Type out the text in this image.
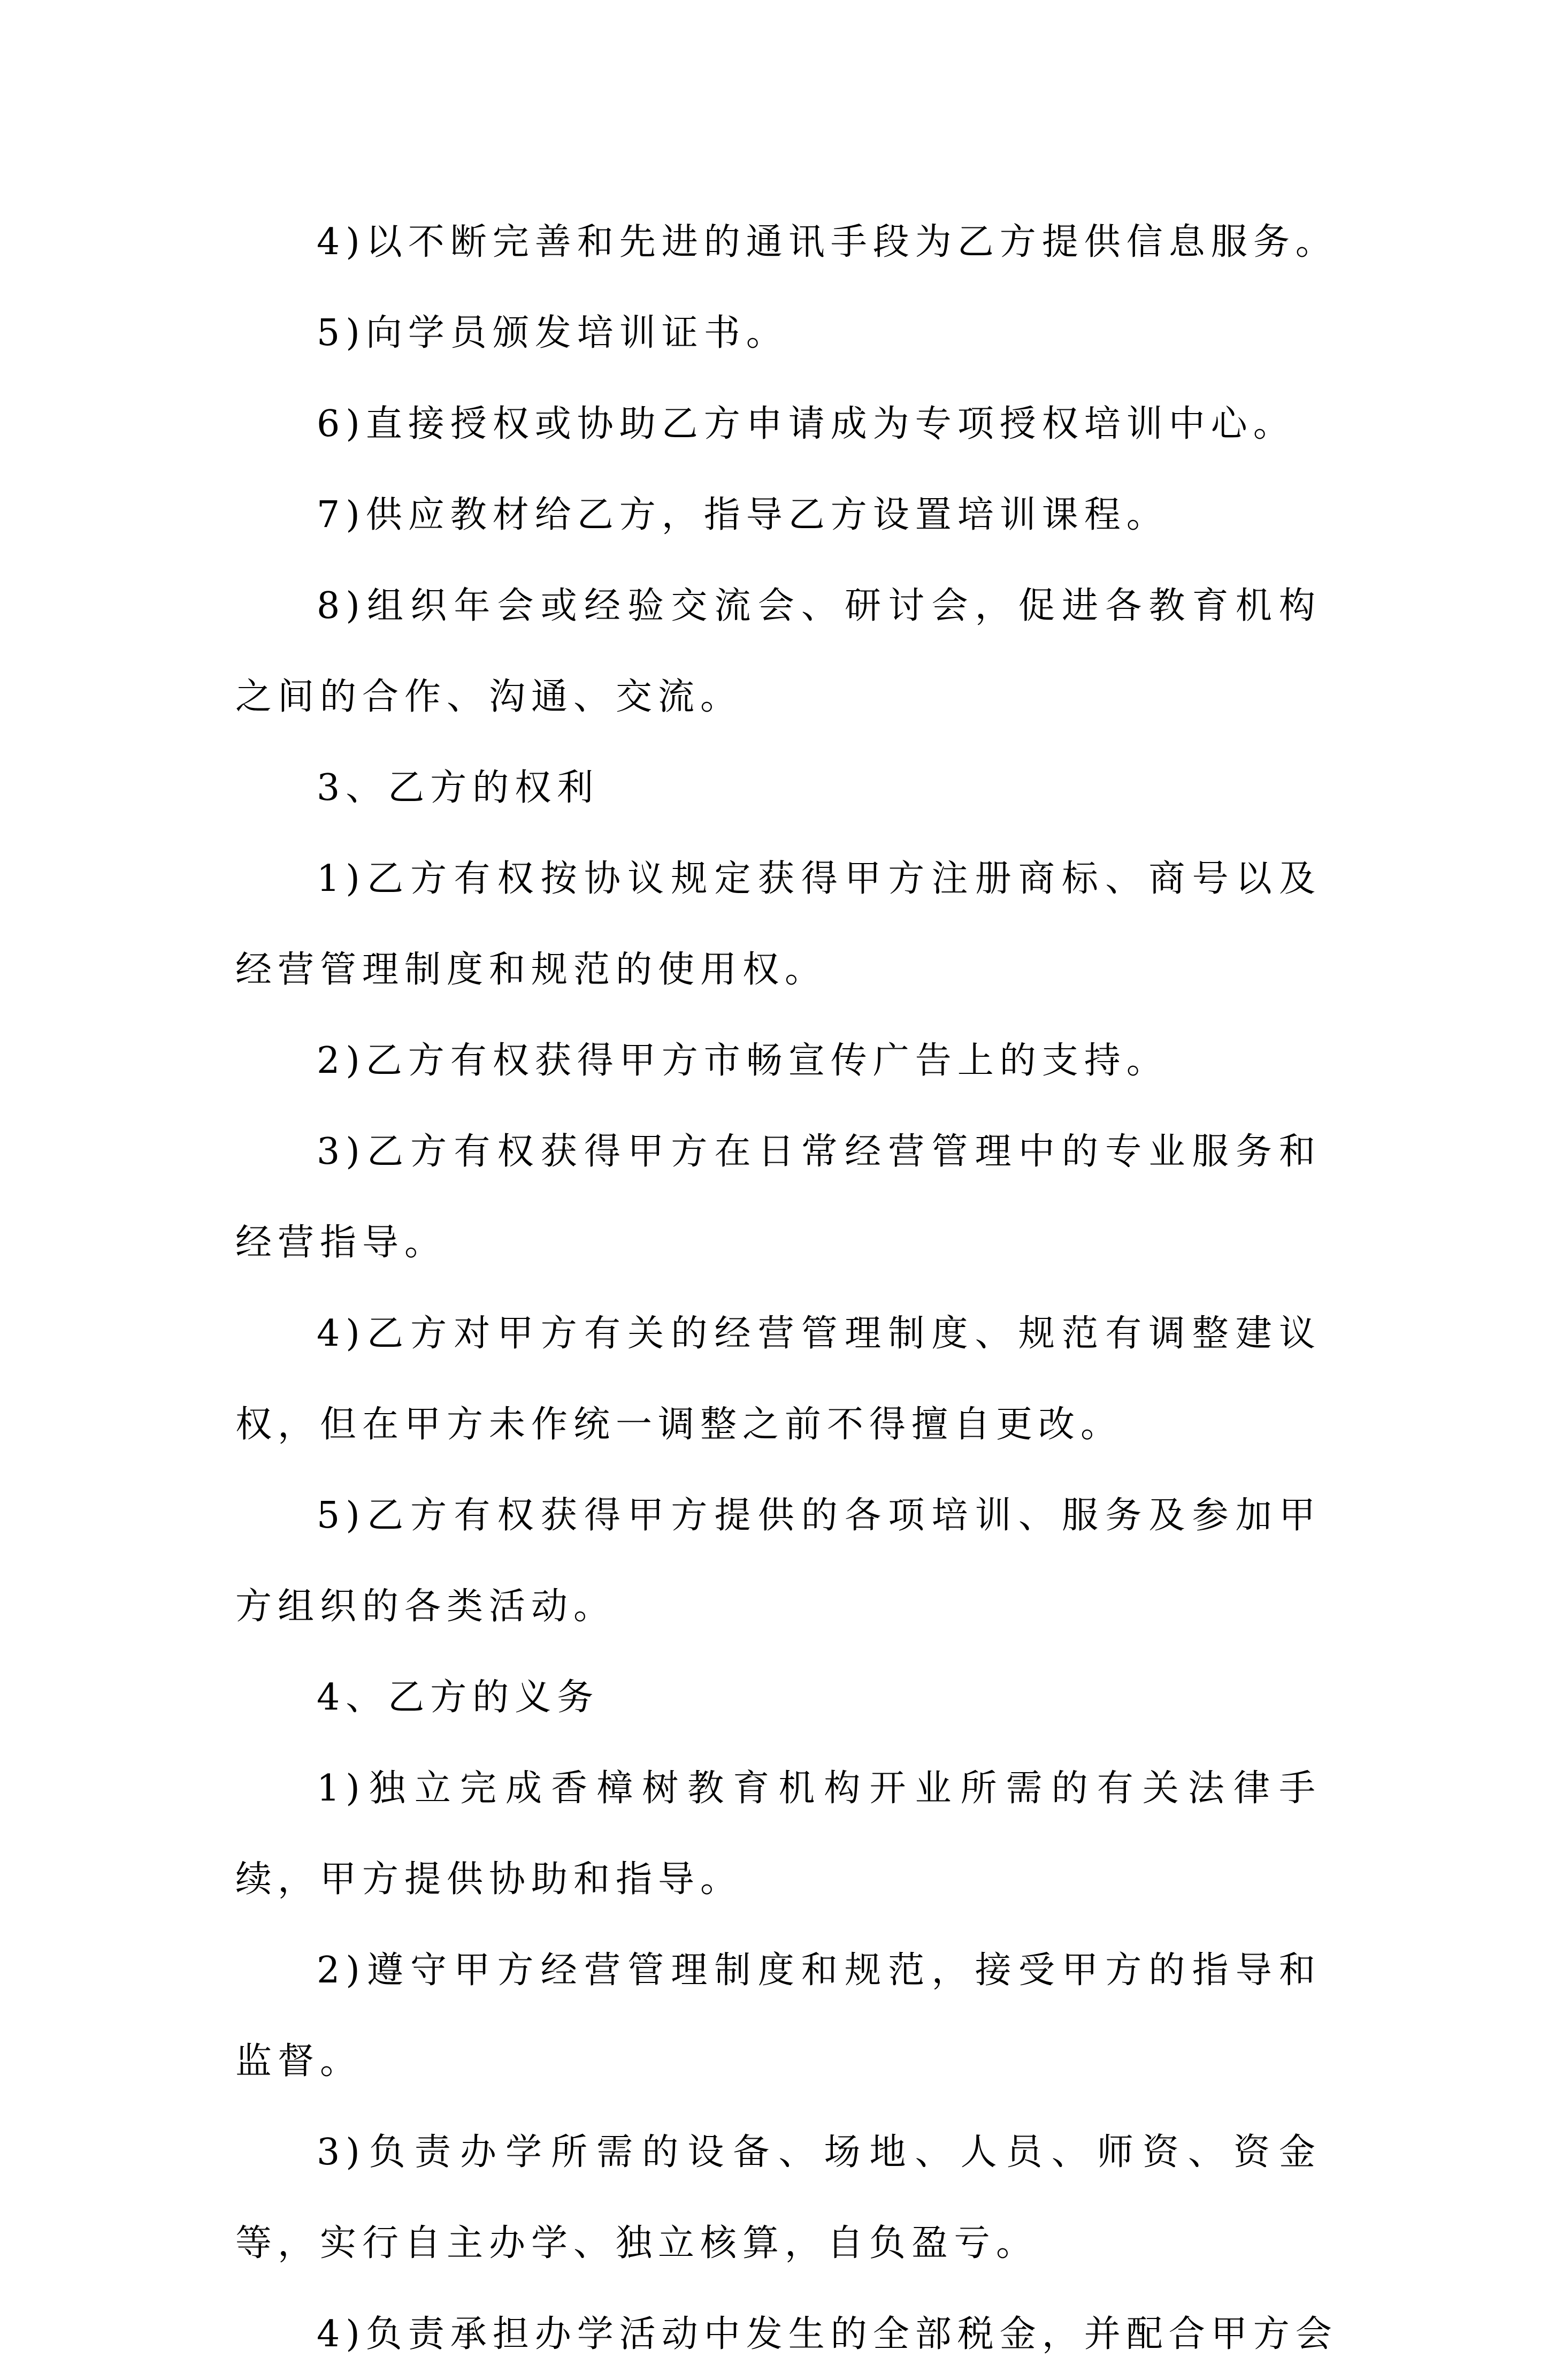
4)以不断完善和先进的通讯手段为乙方提供信息服务。

5)向学员颁发培训证书。

6)直接授权或协助乙方申请成为专项授权培训中心。

7)供应教材给乙方，指导乙方设置培训课程。

8)组织年会或经验交流会、研讨会，促进各教育机构之间的合作、沟通、交流。

3、乙方的权利

1)乙方有权按协议规定获得甲方注册商标、商号以及经营管理制度和规范的使用权。

2)乙方有权获得甲方市畅宣传广告上的支持。

3)乙方有权获得甲方在日常经营管理中的专业服务和经营指导。

4)乙方对甲方有关的经营管理制度、规范有调整建议权，但在甲方未作统一调整之前不得擅自更改。

5)乙方有权获得甲方提供的各项培训、服务及参加甲方组织的各类活动。

4、乙方的义务

1)独立完成香樟树教育机构开业所需的有关法律手续，甲方提供协助和指导。

2)遵守甲方经营管理制度和规范，接受甲方的指导和监督。

3)负责办学所需的设备、场地、人员、师资、资金等，实行自主办学、独立核算，自负盈亏。

4)负责承担办学活动中发生的全部税金，并配合甲方会
